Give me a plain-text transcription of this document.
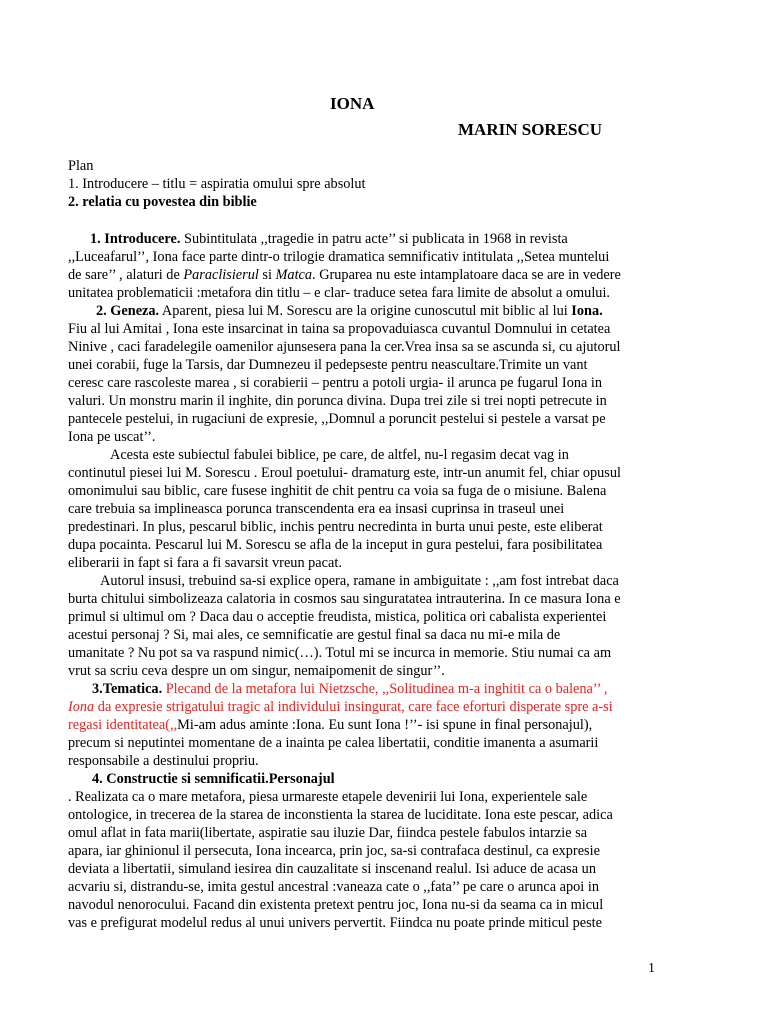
IONA
MARIN SORESCU
Plan
1. Introducere – titlu = aspiratia omului spre absolut
2. relatia cu povestea din biblie
1. Introducere. Subintitulata ,,tragedie in patru acte’’ si publicata in 1968 in revista
,,Luceafarul’’, Iona face parte dintr-o trilogie dramatica semnificativ intitulata ,,Setea muntelui
de sare’’ , alaturi de Paraclisierul si Matca. Gruparea nu este intamplatoare daca se are in vedere
unitatea problematicii :metafora din titlu – e clar- traduce setea fara limite de absolut a omului.
2. Geneza. Aparent, piesa lui M. Sorescu are la origine cunoscutul mit biblic al lui Iona.
Fiu al lui Amitai , Iona este insarcinat in taina sa propovaduiasca cuvantul Domnului in cetatea
Ninive , caci faradelegile oamenilor ajunsesera pana la cer.Vrea insa sa se ascunda si, cu ajutorul
unei corabii, fuge la Tarsis, dar Dumnezeu il pedepseste pentru neascultare.Trimite un vant
ceresc care rascoleste marea , si corabierii – pentru a potoli urgia- il arunca pe fugarul Iona in
valuri. Un monstru marin il inghite, din porunca divina. Dupa trei zile si trei nopti petrecute in
pantecele pestelui, in rugaciuni de expresie, ,,Domnul a poruncit pestelui si pestele a varsat pe
Iona pe uscat’’.
Acesta este subiectul fabulei biblice, pe care, de altfel, nu-l regasim decat vag in
continutul piesei lui M. Sorescu . Eroul poetului- dramaturg este, intr-un anumit fel, chiar opusul
omonimului sau biblic, care fusese inghitit de chit pentru ca voia sa fuga de o misiune. Balena
care trebuia sa implineasca porunca transcendenta era ea insasi cuprinsa in traseul unei
predestinari. In plus, pescarul biblic, inchis pentru necredinta in burta unui peste, este eliberat
dupa pocainta. Pescarul lui M. Sorescu se afla de la inceput in gura pestelui, fara posibilitatea
eliberarii in fapt si fara a fi savarsit vreun pacat.
Autorul insusi, trebuind sa-si explice opera, ramane in ambiguitate : ,,am fost intrebat daca
burta chitului simbolizeaza calatoria in cosmos sau singuratatea intrauterina. In ce masura Iona e
primul si ultimul om ? Daca dau o acceptie freudista, mistica, politica ori cabalista experientei
acestui personaj ? Si, mai ales, ce semnificatie are gestul final sa daca nu mi-e mila de
umanitate ? Nu pot sa va raspund nimic(…). Totul mi se incurca in memorie. Stiu numai ca am
vrut sa scriu ceva despre un om singur, nemaipomenit de singur’’.
3.Tematica. Plecand de la metafora lui Nietzsche, ,,Solitudinea m-a inghitit ca o balena’’ ,
Iona da expresie strigatului tragic al individului insingurat, care face eforturi disperate spre a-si
regasi identitatea(,,Mi-am adus aminte :Iona. Eu sunt Iona !’’- isi spune in final personajul),
precum si neputintei momentane de a inainta pe calea libertatii, conditie imanenta a asumarii
responsabile a destinului propriu.
4. Constructie si semnificatii.Personajul
. Realizata ca o mare metafora, piesa urmareste etapele devenirii lui Iona, experientele sale
ontologice, in trecerea de la starea de inconstienta la starea de luciditate. Iona este pescar, adica
omul aflat in fata marii(libertate, aspiratie sau iluzie Dar, fiindca pestele fabulos intarzie sa
apara, iar ghinionul il persecuta, Iona incearca, prin joc, sa-si contrafaca destinul, ca expresie
deviata a libertatii, simuland iesirea din cauzalitate si inscenand realul. Isi aduce de acasa un
acvariu si, distrandu-se, imita gestul ancestral :vaneaza cate o ,,fata’’ pe care o arunca apoi in
navodul nenorocului. Facand din existenta pretext pentru joc, Iona nu-si da seama ca in micul
vas e prefigurat modelul redus al unui univers pervertit. Fiindca nu poate prinde miticul peste
1
